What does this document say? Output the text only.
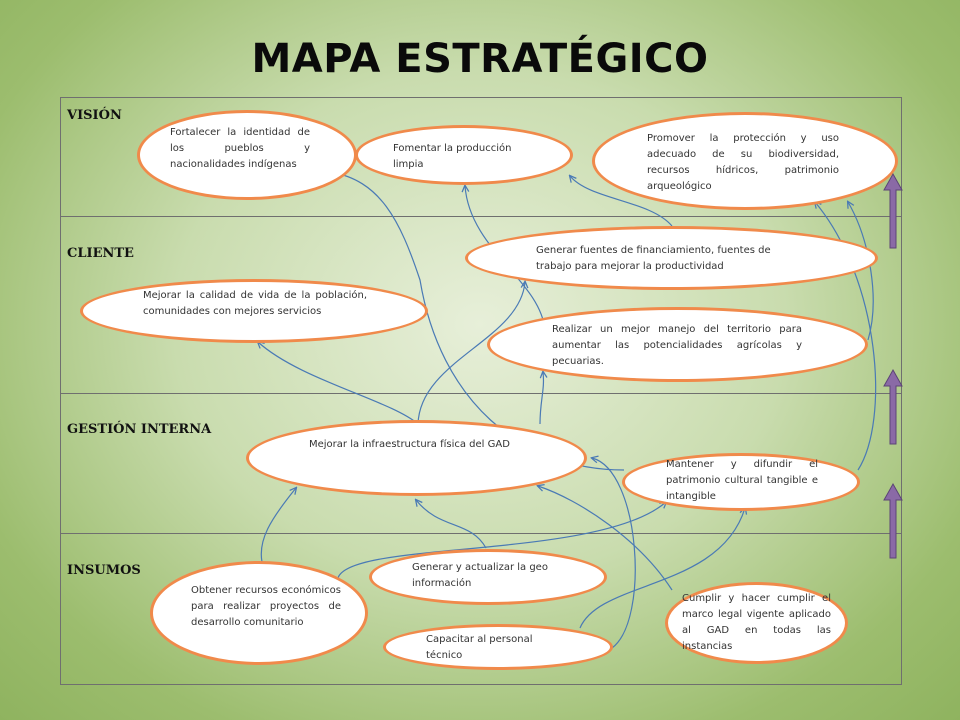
MAPA ESTRATÉGICO
VISIÓN
CLIENTE
GESTIÓN INTERNA
INSUMOS
Fortalecer la identidad de los pueblos y nacionalidades indígenas
Fomentar la producción limpia
Promover la protección y uso adecuado de su biodiversidad, recursos hídricos, patrimonio arqueológico
Generar fuentes de financiamiento, fuentes de trabajo para mejorar la productividad
Mejorar la calidad de vida de la población, comunidades con mejores servicios
Realizar un mejor manejo del territorio para aumentar las potencialidades agrícolas y pecuarias.
Mejorar la infraestructura física del GAD
Mantener y difundir el patrimonio cultural tangible e intangible
Obtener recursos económicos para realizar proyectos de desarrollo comunitario
Generar y actualizar la geo información
Capacitar al personal técnico
Cumplir y hacer cumplir el marco legal vigente aplicado al GAD en todas las instancias
